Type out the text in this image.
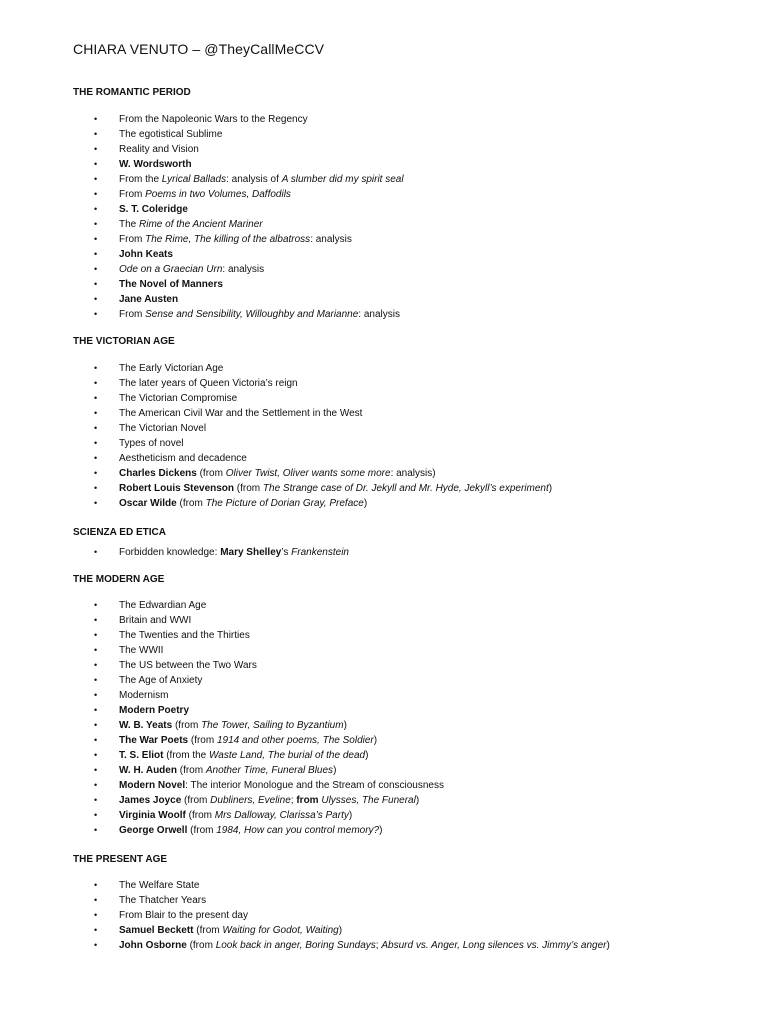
CHIARA VENUTO – @TheyCallMeCCV
THE ROMANTIC PERIOD
• From the Napoleonic Wars to the Regency
• The egotistical Sublime
• Reality and Vision
• W. Wordsworth
• From the Lyrical Ballads: analysis of A slumber did my spirit seal
• From Poems in two Volumes, Daffodils
• S. T. Coleridge
• The Rime of the Ancient Mariner
• From The Rime, The killing of the albatross: analysis
• John Keats
• Ode on a Graecian Urn: analysis
• The Novel of Manners
• Jane Austen
• From Sense and Sensibility, Willoughby and Marianne: analysis
THE VICTORIAN AGE
• The Early Victorian Age
• The later years of Queen Victoria’s reign
• The Victorian Compromise
• The American Civil War and the Settlement in the West
• The Victorian Novel
• Types of novel
• Aestheticism and decadence
• Charles Dickens (from Oliver Twist, Oliver wants some more: analysis)
• Robert Louis Stevenson (from The Strange case of Dr. Jekyll and Mr. Hyde, Jekyll’s experiment)
• Oscar Wilde (from The Picture of Dorian Gray, Preface)
SCIENZA ED ETICA
• Forbidden knowledge: Mary Shelley’s Frankenstein
THE MODERN AGE
• The Edwardian Age
• Britain and WWI
• The Twenties and the Thirties
• The WWII
• The US between the Two Wars
• The Age of Anxiety
• Modernism
• Modern Poetry
• W. B. Yeats (from The Tower, Sailing to Byzantium)
• The War Poets (from 1914 and other poems, The Soldier)
• T. S. Eliot (from the Waste Land, The burial of the dead)
• W. H. Auden (from Another Time, Funeral Blues)
• Modern Novel: The interior Monologue and the Stream of consciousness
• James Joyce (from Dubliners, Eveline; from Ulysses, The Funeral)
• Virginia Woolf (from Mrs Dalloway, Clarissa’s Party)
• George Orwell (from 1984, How can you control memory?)
THE PRESENT AGE
• The Welfare State
• The Thatcher Years
• From Blair to the present day
• Samuel Beckett (from Waiting for Godot, Waiting)
• John Osborne (from Look back in anger, Boring Sundays; Absurd vs. Anger, Long silences vs. Jimmy’s anger)
